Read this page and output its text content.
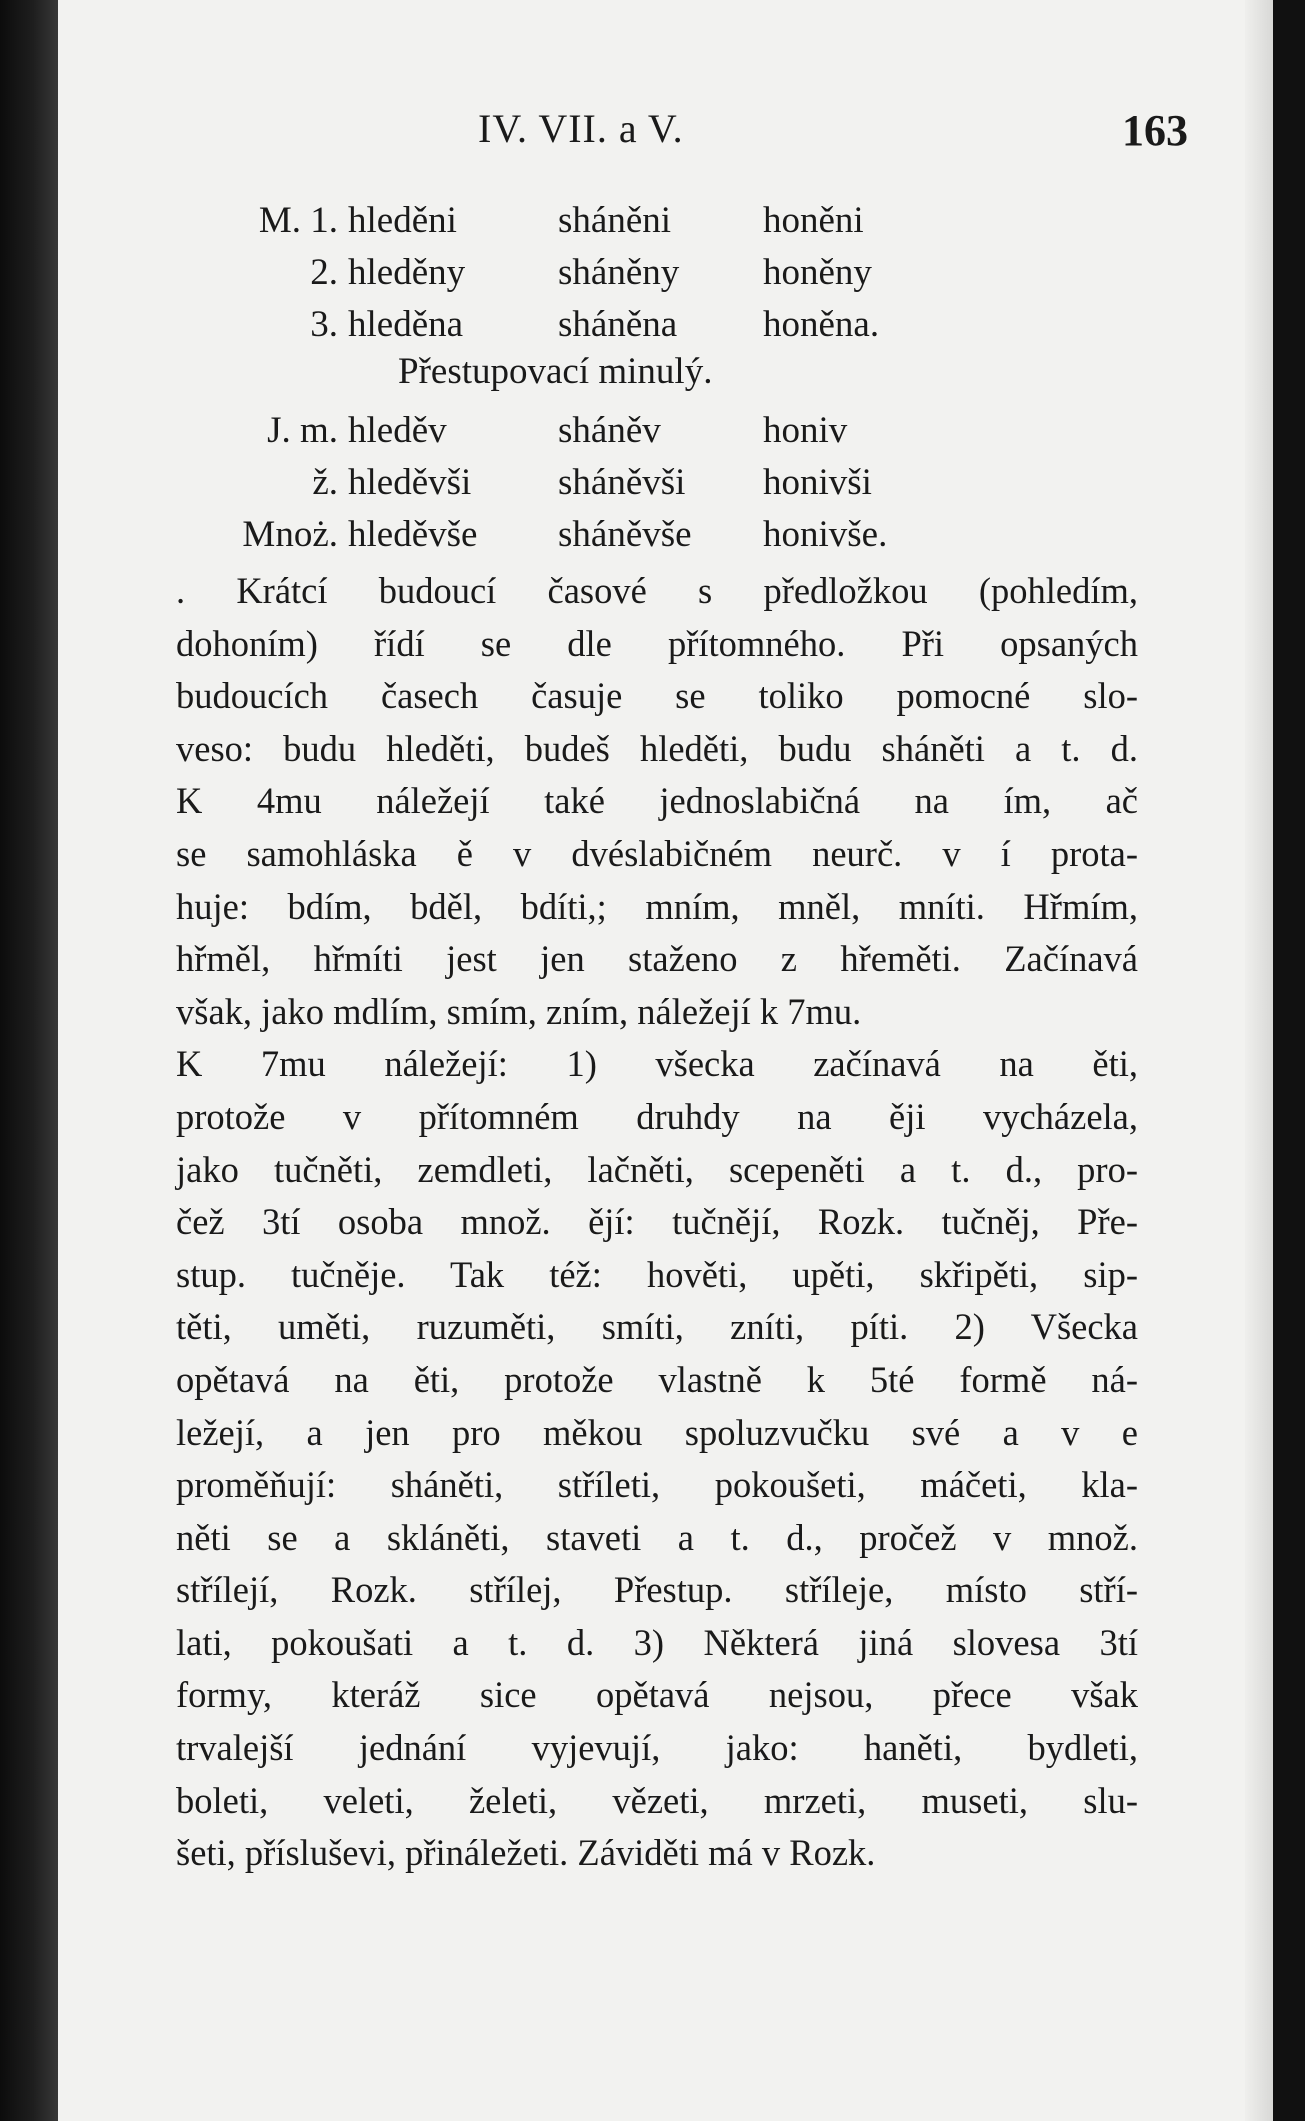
IV. VII. a V.	163
M. 1. hleděni	sháněni honěni
2. hleděny	sháněny honěny
3. hleděna	sháněna honěna.
Přestupovací minulý.
J. m. hleděv	sháněv	honiv
ž. hleděvši sháněvši honivši
Mnoż. hleděvše sháněvše honivše.
. Krátcí budoucí časové s předložkou (pohledím,
dohoním) řídí se dle přítomného. Při opsaných
budoucích časech časuje se toliko pomocné slo-
veso: budu hleděti, budeš hleděti, budu sháněti a t. d.
K 4mu náležejí také jednoslabičná na ím, ač
se samohláska ě v dvéslabičném neurč. v í prota-
huje: bdím, bděl, bdíti,; mním, mněl, mníti. Hřmím,
hřměl, hřmíti jest jen staženo z hřeměti. Začínavá
však, jako mdlím, smím, zním, náležejí k 7mu.
K 7mu náležejí: 1) všecka začínavá na ěti,
protože v přítomném druhdy na ěji vycházela,
jako tučněti, zemdleti, lačněti, scepeněti a t. d., pro-
čež 3tí osoba množ. ějí: tučnějí, Rozk. tučněj, Pře-
stup. tučněje. Tak též: hověti, upěti, skřipěti, sip-
těti, uměti, ruzuměti, smíti, zníti, píti. 2) Všecka
opětavá na ěti, protože vlastně k 5té formě ná-
ležejí, a jen pro měkou spoluzvučku své a v e
proměňují: sháněti, stříleti, pokoušeti, máčeti, kla-
něti se a skláněti, staveti a t. d., pročež v množ.
střílejí, Rozk. střílej, Přestup. stříleje, místo stří-
lati, pokoušati a t. d. 3) Některá jiná slovesa 3tí
formy, kteráž sice opětavá nejsou, přece však
trvalejší jednání vyjevují, jako: haněti, bydleti,
boleti, veleti, želeti, vězeti, mrzeti, museti, slu-
šeti, přísluševi, přináležeti. Záviděti má v Rozk.
